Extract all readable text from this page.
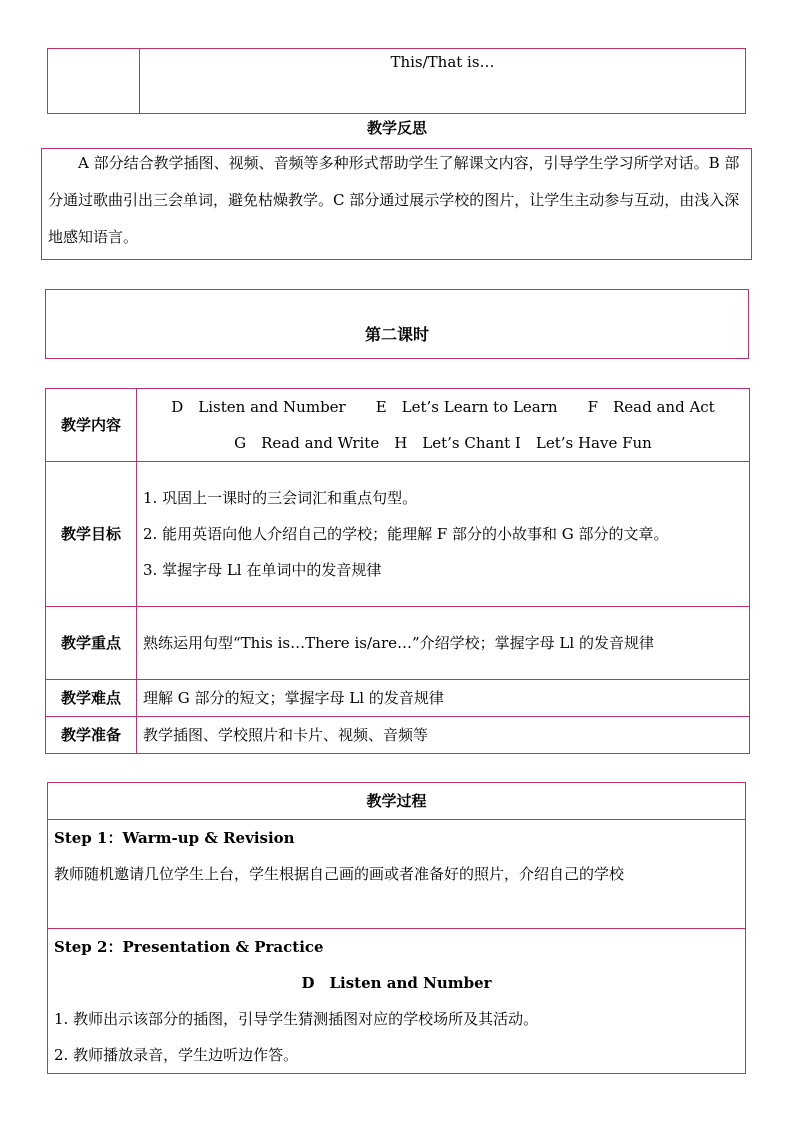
	This/That is…
教学反思
A 部分结合教学插图、视频、音频等多种形式帮助学生了解课文内容，引导学生学习所学对话。B 部分通过歌曲引出三会单词，避免枯燥教学。C 部分通过展示学校的图片，让学生主动参与互动，由浅入深地感知语言。
第二课时
教学内容	D　Listen and Number　　E　Let’s Learn to Learn　　F　Read and Act
G　Read and Write　H　Let’s Chant I　Let’s Have Fun

教学目标	1. 巩固上一课时的三会词汇和重点句型。
2. 能用英语向他人介绍自己的学校；能理解 F 部分的小故事和 G 部分的文章。
3. 掌握字母 Ll 在单词中的发音规律

教学重点	熟练运用句型“This is…There is/are…”介绍学校；掌握字母 Ll 的发音规律
教学难点	理解 G 部分的短文；掌握字母 Ll 的发音规律
教学准备	教学插图、学校照片和卡片、视频、音频等
教学过程

Step 1：Warm-up & Revision
教师随机邀请几位学生上台，学生根据自己画的画或者准备好的照片，介绍自己的学校

Step 2：Presentation & Practice
D　Listen and Number
1. 教师出示该部分的插图，引导学生猜测插图对应的学校场所及其活动。
2. 教师播放录音，学生边听边作答。
